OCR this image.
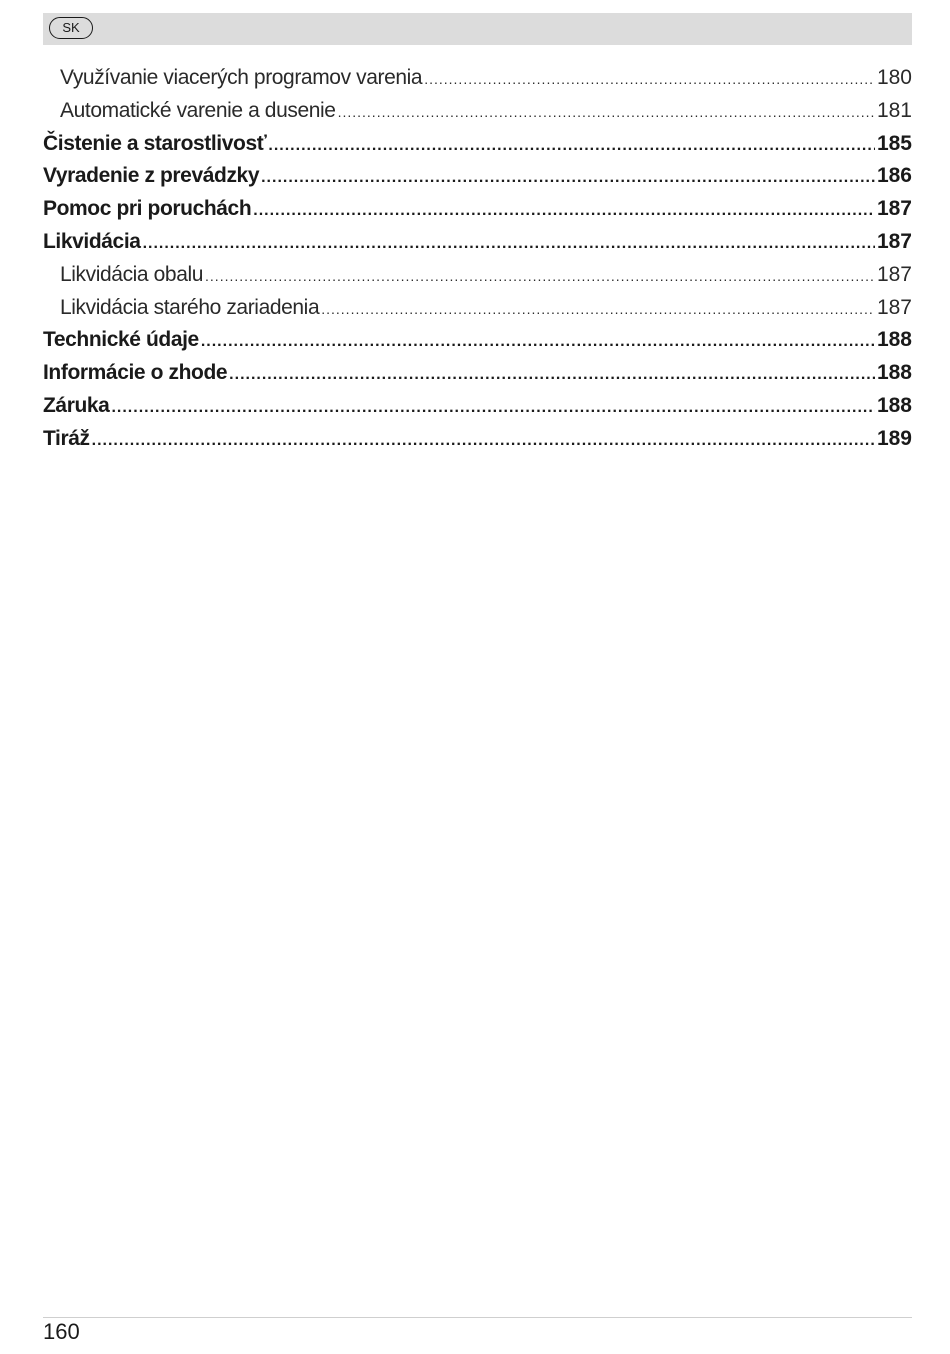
SK
Využívanie viacerých programov varenia .....	180
Automatické varenie a dusenie .....	181
Čistenie a starostlivosť .....	185
Vyradenie z prevádzky .....	186
Pomoc pri poruchách .....	187
Likvidácia .....	187
Likvidácia obalu .....	187
Likvidácia starého zariadenia .....	187
Technické údaje .....	188
Informácie o zhode .....	188
Záruka .....	188
Tiráž .....	189
160
